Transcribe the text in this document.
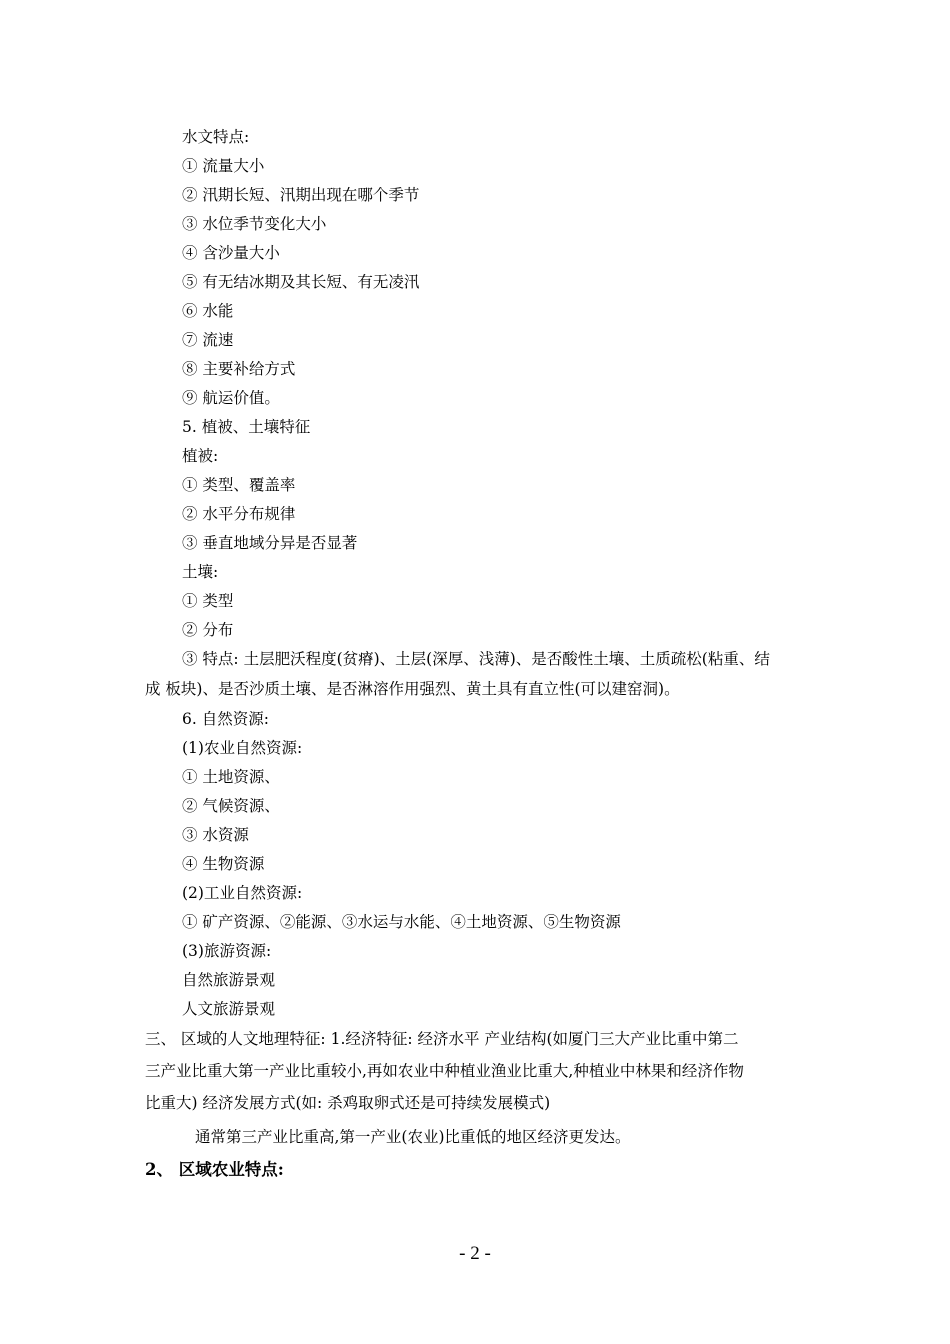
水文特点:
① 流量大小
② 汛期长短、汛期出现在哪个季节
③ 水位季节变化大小
④ 含沙量大小
⑤ 有无结冰期及其长短、有无凌汛
⑥ 水能
⑦ 流速
⑧ 主要补给方式
⑨ 航运价值。
5. 植被、土壤特征
植被:
① 类型、覆盖率
② 水平分布规律
③ 垂直地域分异是否显著
土壤:
① 类型
② 分布
③ 特点: 土层肥沃程度(贫瘠)、土层(深厚、浅薄)、是否酸性土壤、土质疏松(粘重、结
成 板块)、是否沙质土壤、是否淋溶作用强烈、黄土具有直立性(可以建窑洞)。
6. 自然资源:
(1)农业自然资源:
① 土地资源、
② 气候资源、
③ 水资源
④ 生物资源
(2)工业自然资源:
① 矿产资源、②能源、③水运与水能、④土地资源、⑤生物资源
(3)旅游资源:
自然旅游景观
人文旅游景观
三、 区域的人文地理特征: 1.经济特征: 经济水平 产业结构(如厦门三大产业比重中第二
三产业比重大第一产业比重较小,再如农业中种植业渔业比重大,种植业中林果和经济作物
比重大) 经济发展方式(如: 杀鸡取卵式还是可持续发展模式)
通常第三产业比重高,第一产业(农业)比重低的地区经济更发达。
2、 区域农业特点:
- 2 -
